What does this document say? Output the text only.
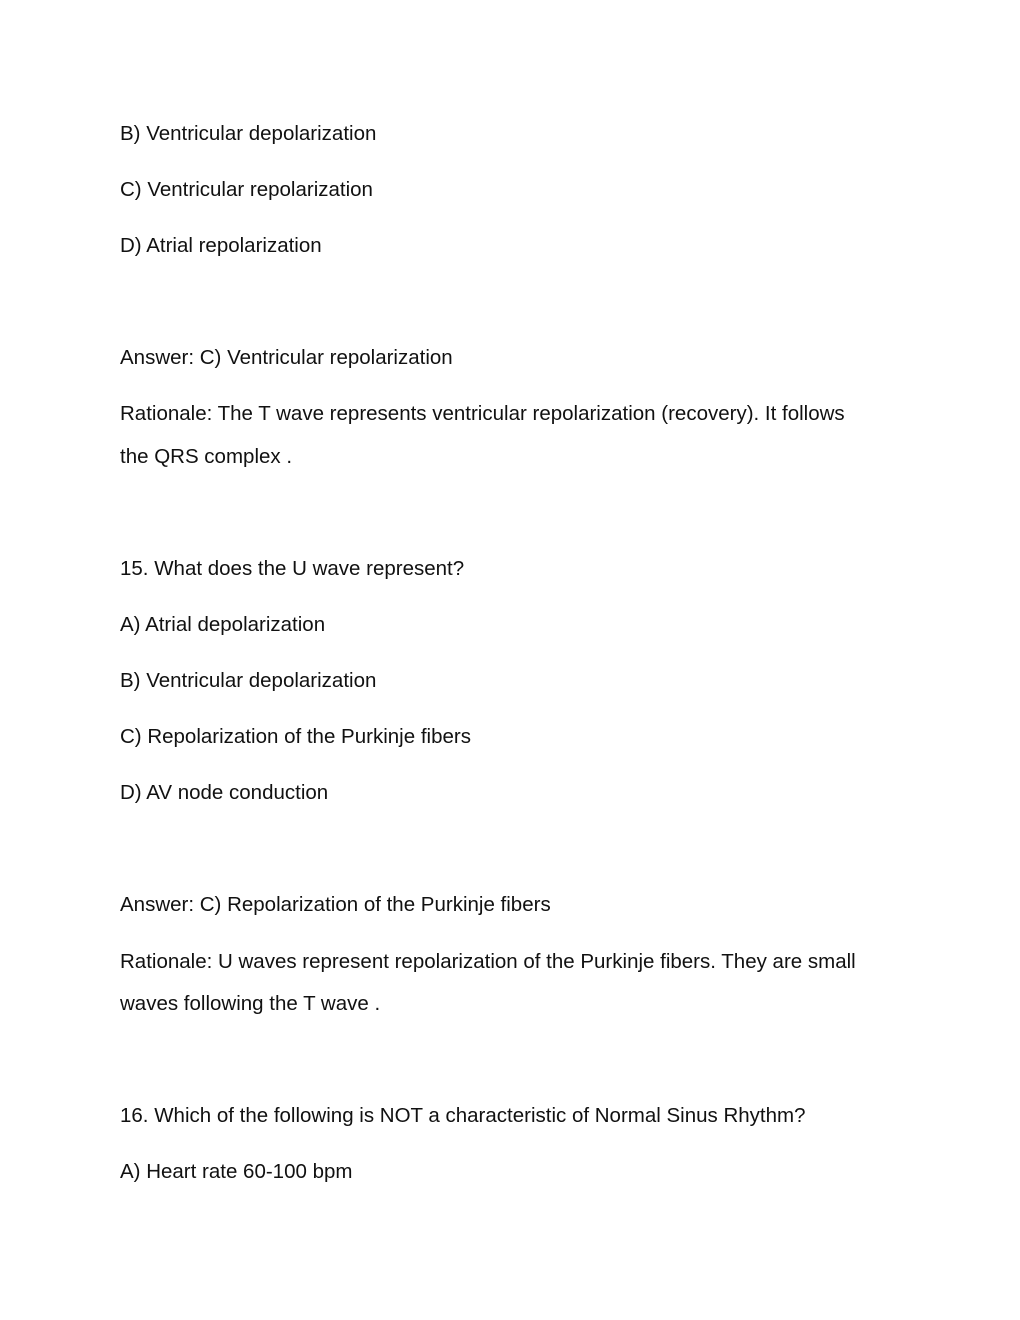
B) Ventricular depolarization
C) Ventricular repolarization
D) Atrial repolarization
Answer: C) Ventricular repolarization
Rationale: The T wave represents ventricular repolarization (recovery). It follows
the QRS complex .
15. What does the U wave represent?
A) Atrial depolarization
B) Ventricular depolarization
C) Repolarization of the Purkinje fibers
D) AV node conduction
Answer: C) Repolarization of the Purkinje fibers
Rationale: U waves represent repolarization of the Purkinje fibers. They are small
waves following the T wave .
16. Which of the following is NOT a characteristic of Normal Sinus Rhythm?
A) Heart rate 60-100 bpm
